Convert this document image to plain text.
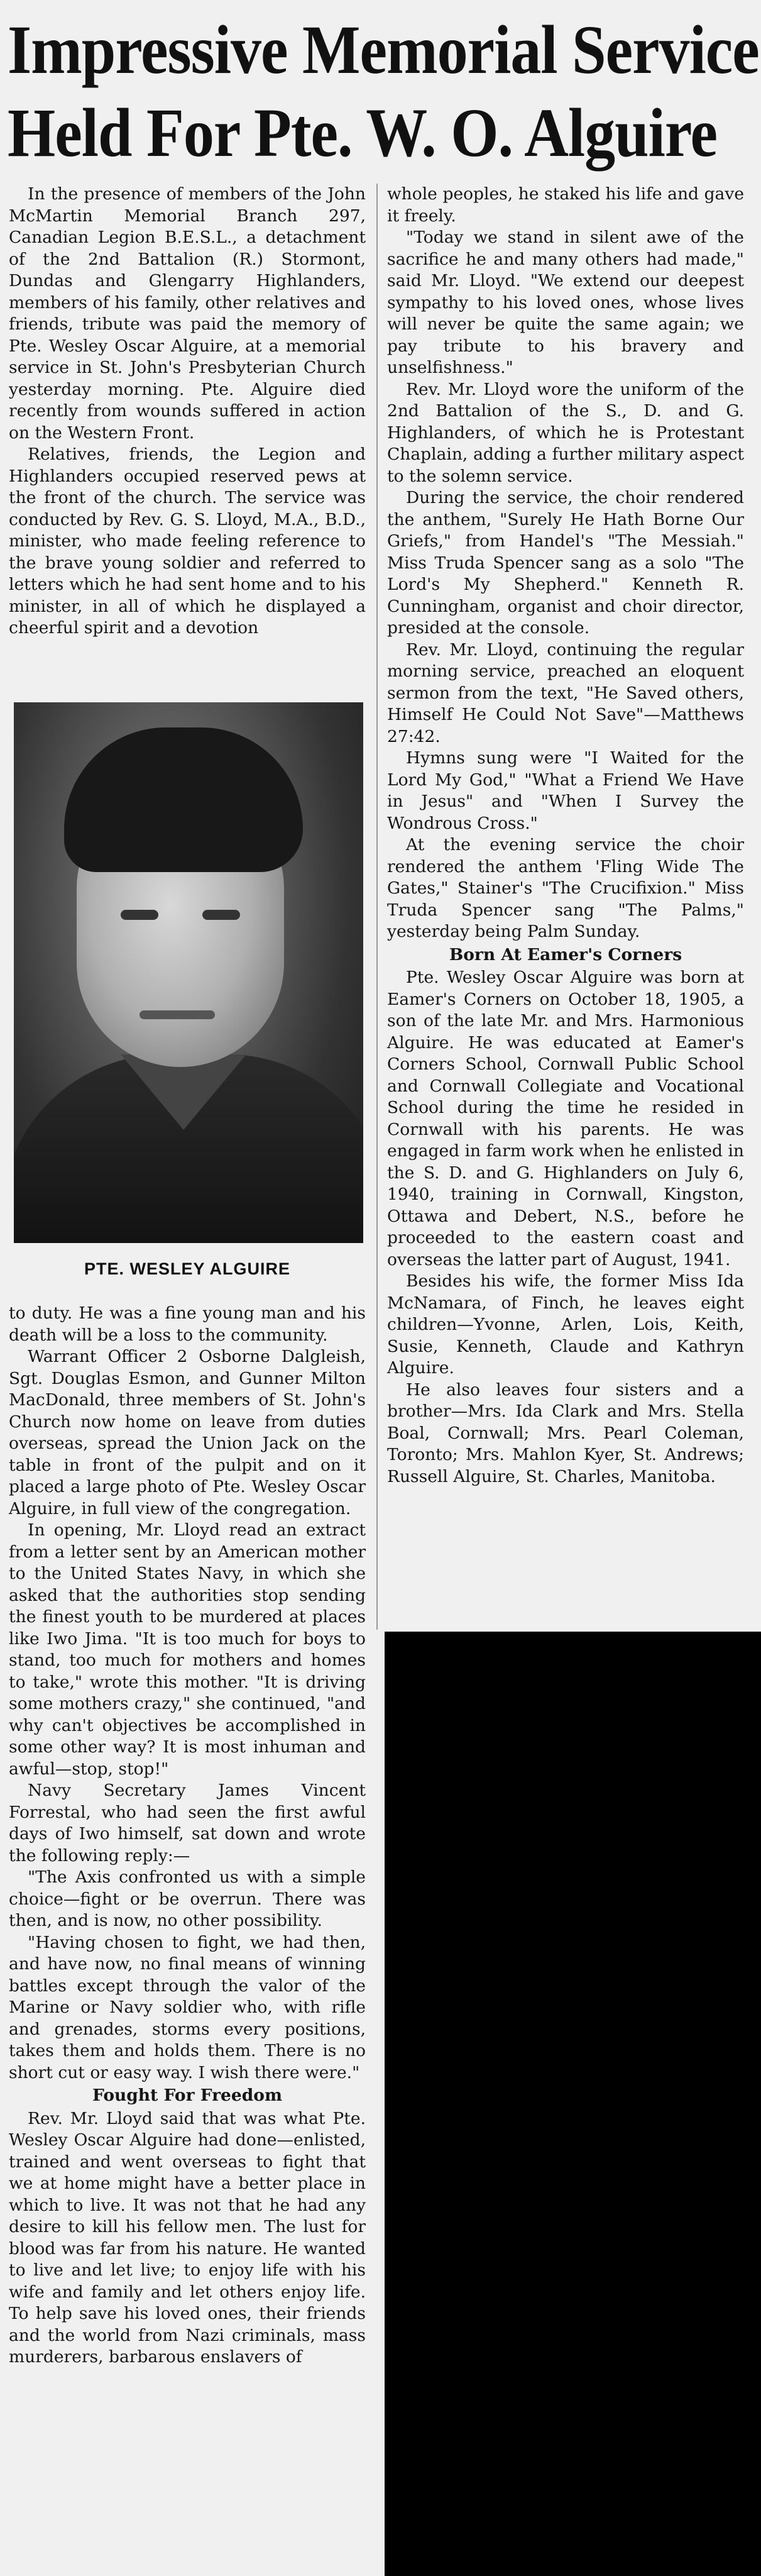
Impressive Memorial Service
Held For Pte. W. O. Alguire

In the presence of members of the John McMartin Memorial Branch 297, Canadian Legion B.E.S.L., a detachment of the 2nd Battalion (R.) Stormont, Dundas and Glengarry Highlanders, members of his family, other relatives and friends, tribute was paid the memory of Pte. Wesley Oscar Alguire, at a memorial service in St. John's Presbyterian Church yesterday morning. Pte. Alguire died recently from wounds suffered in action on the Western Front.

Relatives, friends, the Legion and Highlanders occupied reserved pews at the front of the church. The service was conducted by Rev. G. S. Lloyd, M.A., B.D., minister, who made feeling reference to the brave young soldier and referred to letters which he had sent home and to his minister, in all of which he displayed a cheerful spirit and a devotion

PTE. WESLEY ALGUIRE

to duty. He was a fine young man and his death will be a loss to the community.

Warrant Officer 2 Osborne Dalgleish, Sgt. Douglas Esmon, and Gunner Milton MacDonald, three members of St. John's Church now home on leave from duties overseas, spread the Union Jack on the table in front of the pulpit and on it placed a large photo of Pte. Wesley Oscar Alguire, in full view of the congregation.

In opening, Mr. Lloyd read an extract from a letter sent by an American mother to the United States Navy, in which she asked that the authorities stop sending the finest youth to be murdered at places like Iwo Jima. "It is too much for boys to stand, too much for mothers and homes to take," wrote this mother. "It is driving some mothers crazy," she continued, "and why can't objectives be accomplished in some other way? It is most inhuman and awful—stop, stop!"

Navy Secretary James Vincent Forrestal, who had seen the first awful days of Iwo himself, sat down and wrote the following reply:—

"The Axis confronted us with a simple choice—fight or be overrun. There was then, and is now, no other possibility.

"Having chosen to fight, we had then, and have now, no final means of winning battles except through the valor of the Marine or Navy soldier who, with rifle and grenades, storms every positions, takes them and holds them. There is no short cut or easy way. I wish there were."

Fought For Freedom

Rev. Mr. Lloyd said that was what Pte. Wesley Oscar Alguire had done—enlisted, trained and went overseas to fight that we at home might have a better place in which to live. It was not that he had any desire to kill his fellow men. The lust for blood was far from his nature. He wanted to live and let live; to enjoy life with his wife and family and let others enjoy life. To help save his loved ones, their friends and the world from Nazi criminals, mass murderers, barbarous enslavers of

whole peoples, he staked his life and gave it freely.

"Today we stand in silent awe of the sacrifice he and many others had made," said Mr. Lloyd. "We extend our deepest sympathy to his loved ones, whose lives will never be quite the same again; we pay tribute to his bravery and unselfishness."

Rev. Mr. Lloyd wore the uniform of the 2nd Battalion of the S., D. and G. Highlanders, of which he is Protestant Chaplain, adding a further military aspect to the solemn service.

During the service, the choir rendered the anthem, "Surely He Hath Borne Our Griefs," from Handel's "The Messiah." Miss Truda Spencer sang as a solo "The Lord's My Shepherd." Kenneth R. Cunningham, organist and choir director, presided at the console.

Rev. Mr. Lloyd, continuing the regular morning service, preached an eloquent sermon from the text, "He Saved others, Himself He Could Not Save"—Matthews 27:42.

Hymns sung were "I Waited for the Lord My God," "What a Friend We Have in Jesus" and "When I Survey the Wondrous Cross."

At the evening service the choir rendered the anthem 'Fling Wide The Gates," Stainer's "The Crucifixion." Miss Truda Spencer sang "The Palms," yesterday being Palm Sunday.

Born At Eamer's Corners

Pte. Wesley Oscar Alguire was born at Eamer's Corners on October 18, 1905, a son of the late Mr. and Mrs. Harmonious Alguire. He was educated at Eamer's Corners School, Cornwall Public School and Cornwall Collegiate and Vocational School during the time he resided in Cornwall with his parents. He was engaged in farm work when he enlisted in the S. D. and G. Highlanders on July 6, 1940, training in Cornwall, Kingston, Ottawa and Debert, N.S., before he proceeded to the eastern coast and overseas the latter part of August, 1941.

Besides his wife, the former Miss Ida McNamara, of Finch, he leaves eight children—Yvonne, Arlen, Lois, Keith, Susie, Kenneth, Claude and Kathryn Alguire.

He also leaves four sisters and a brother—Mrs. Ida Clark and Mrs. Stella Boal, Cornwall; Mrs. Pearl Coleman, Toronto; Mrs. Mahlon Kyer, St. Andrews; Russell Alguire, St. Charles, Manitoba.
